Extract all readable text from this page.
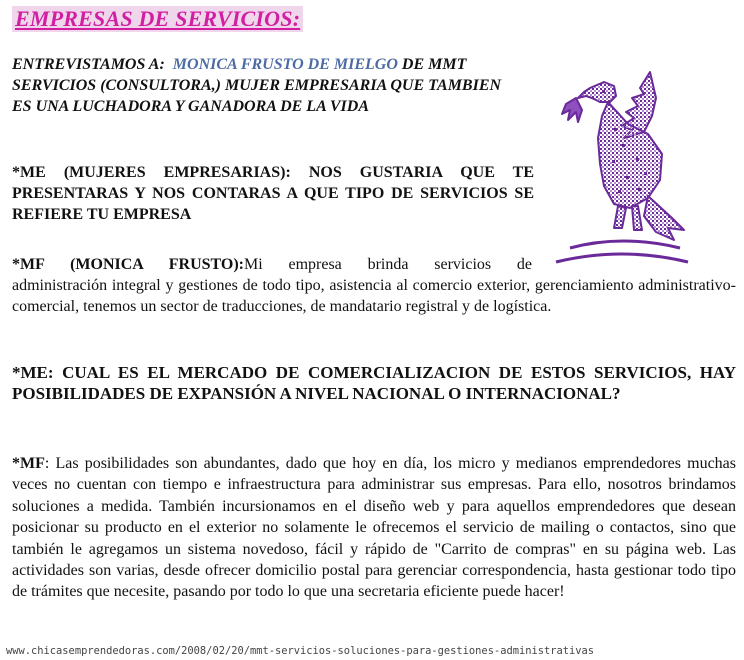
EMPRESAS DE SERVICIOS:
ENTREVISTAMOS A: MONICA FRUSTO DE MIELGO DE MMT SERVICIOS (CONSULTORA,) MUJER EMPRESARIA QUE TAMBIEN ES UNA LUCHADORA Y GANADORA DE LA VIDA
*ME (MUJERES EMPRESARIAS): NOS GUSTARIA QUE TE PRESENTARAS Y NOS CONTARAS A QUE TIPO DE SERVICIOS SE REFIERE TU EMPRESA
*MF (MONICA FRUSTO):Mi empresa brinda servicios de
administración integral y gestiones de todo tipo, asistencia al comercio exterior, gerenciamiento administrativo-comercial, tenemos un sector de traducciones, de mandatario registral y de logística.
*ME: CUAL ES EL MERCADO DE COMERCIALIZACION DE ESTOS SERVICIOS, HAY POSIBILIDADES DE EXPANSIÓN A NIVEL NACIONAL O INTERNACIONAL?
*MF: Las posibilidades son abundantes, dado que hoy en día, los micro y medianos emprendedores muchas veces no cuentan con tiempo e infraestructura para administrar sus empresas. Para ello, nosotros brindamos soluciones a medida. También incursionamos en el diseño web y para aquellos emprendedores que desean posicionar su producto en el exterior no solamente le ofrecemos el servicio de mailing o contactos, sino que también le agregamos un sistema novedoso, fácil y rápido de "Carrito de compras" en su página web. Las actividades son varias, desde ofrecer domicilio postal para gerenciar correspondencia, hasta gestionar todo tipo de trámites que necesite, pasando por todo lo que una secretaria eficiente puede hacer!
www.chicasemprendedoras.com/2008/02/20/mmt-servicios-soluciones-para-gestiones-administrativas
